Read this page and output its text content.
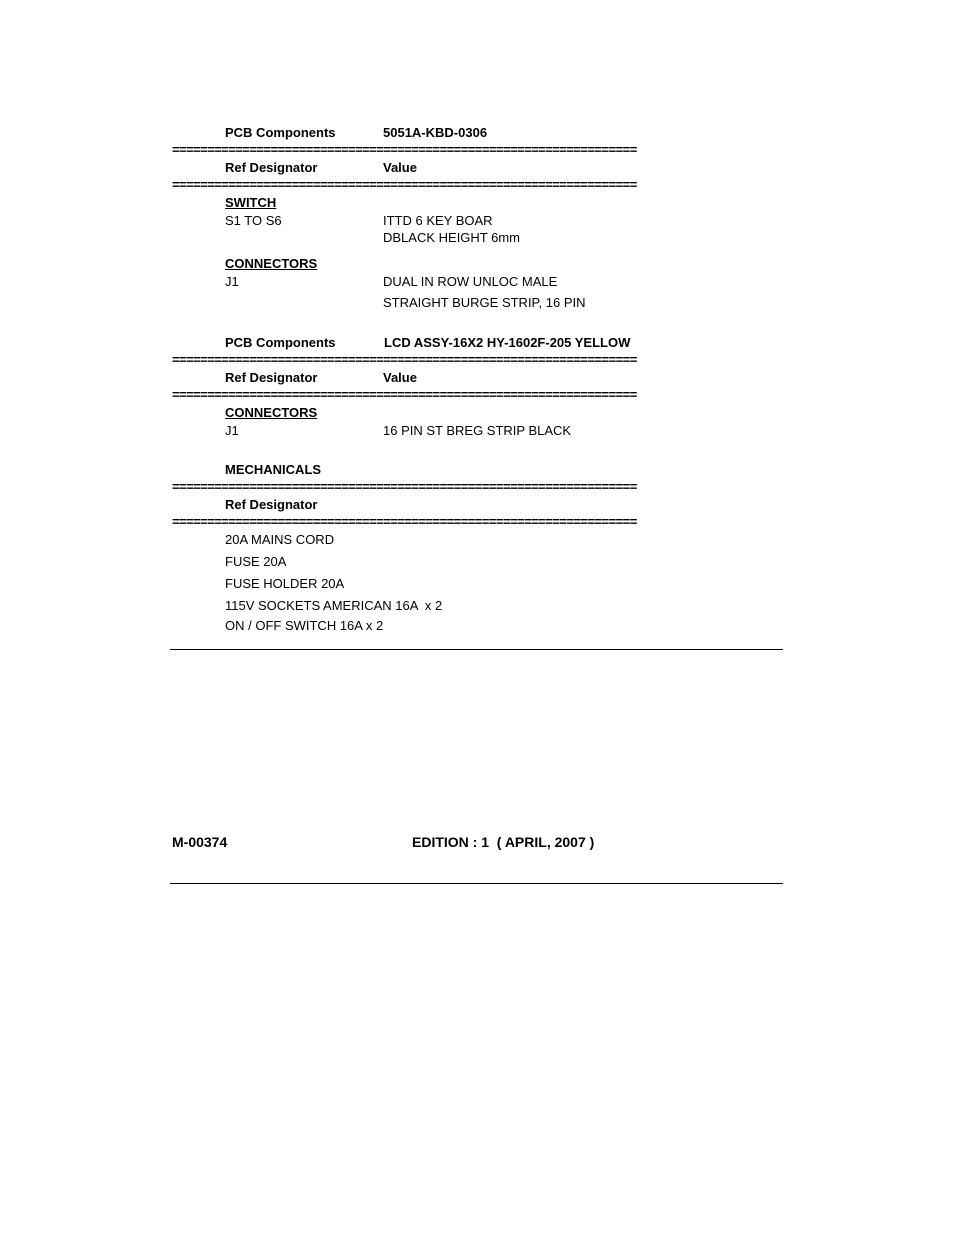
PCB Components	5051A-KBD-0306
==================================================================
Ref Designator	Value
==================================================================
SWITCH
S1 TO S6	ITTD 6 KEY BOAR
DBLACK HEIGHT 6mm
CONNECTORS
J1	DUAL IN ROW UNLOC MALE
STRAIGHT BURGE STRIP, 16 PIN
PCB Components	LCD ASSY-16X2 HY-1602F-205 YELLOW
==================================================================
Ref Designator	Value
==================================================================
CONNECTORS
J1	16 PIN ST BREG STRIP BLACK
MECHANICALS
==================================================================
Ref Designator
==================================================================
20A MAINS CORD
FUSE 20A
FUSE HOLDER 20A
115V SOCKETS AMERICAN 16A  x 2
ON / OFF SWITCH 16A x 2
M-00374	EDITION : 1  ( APRIL, 2007 )
